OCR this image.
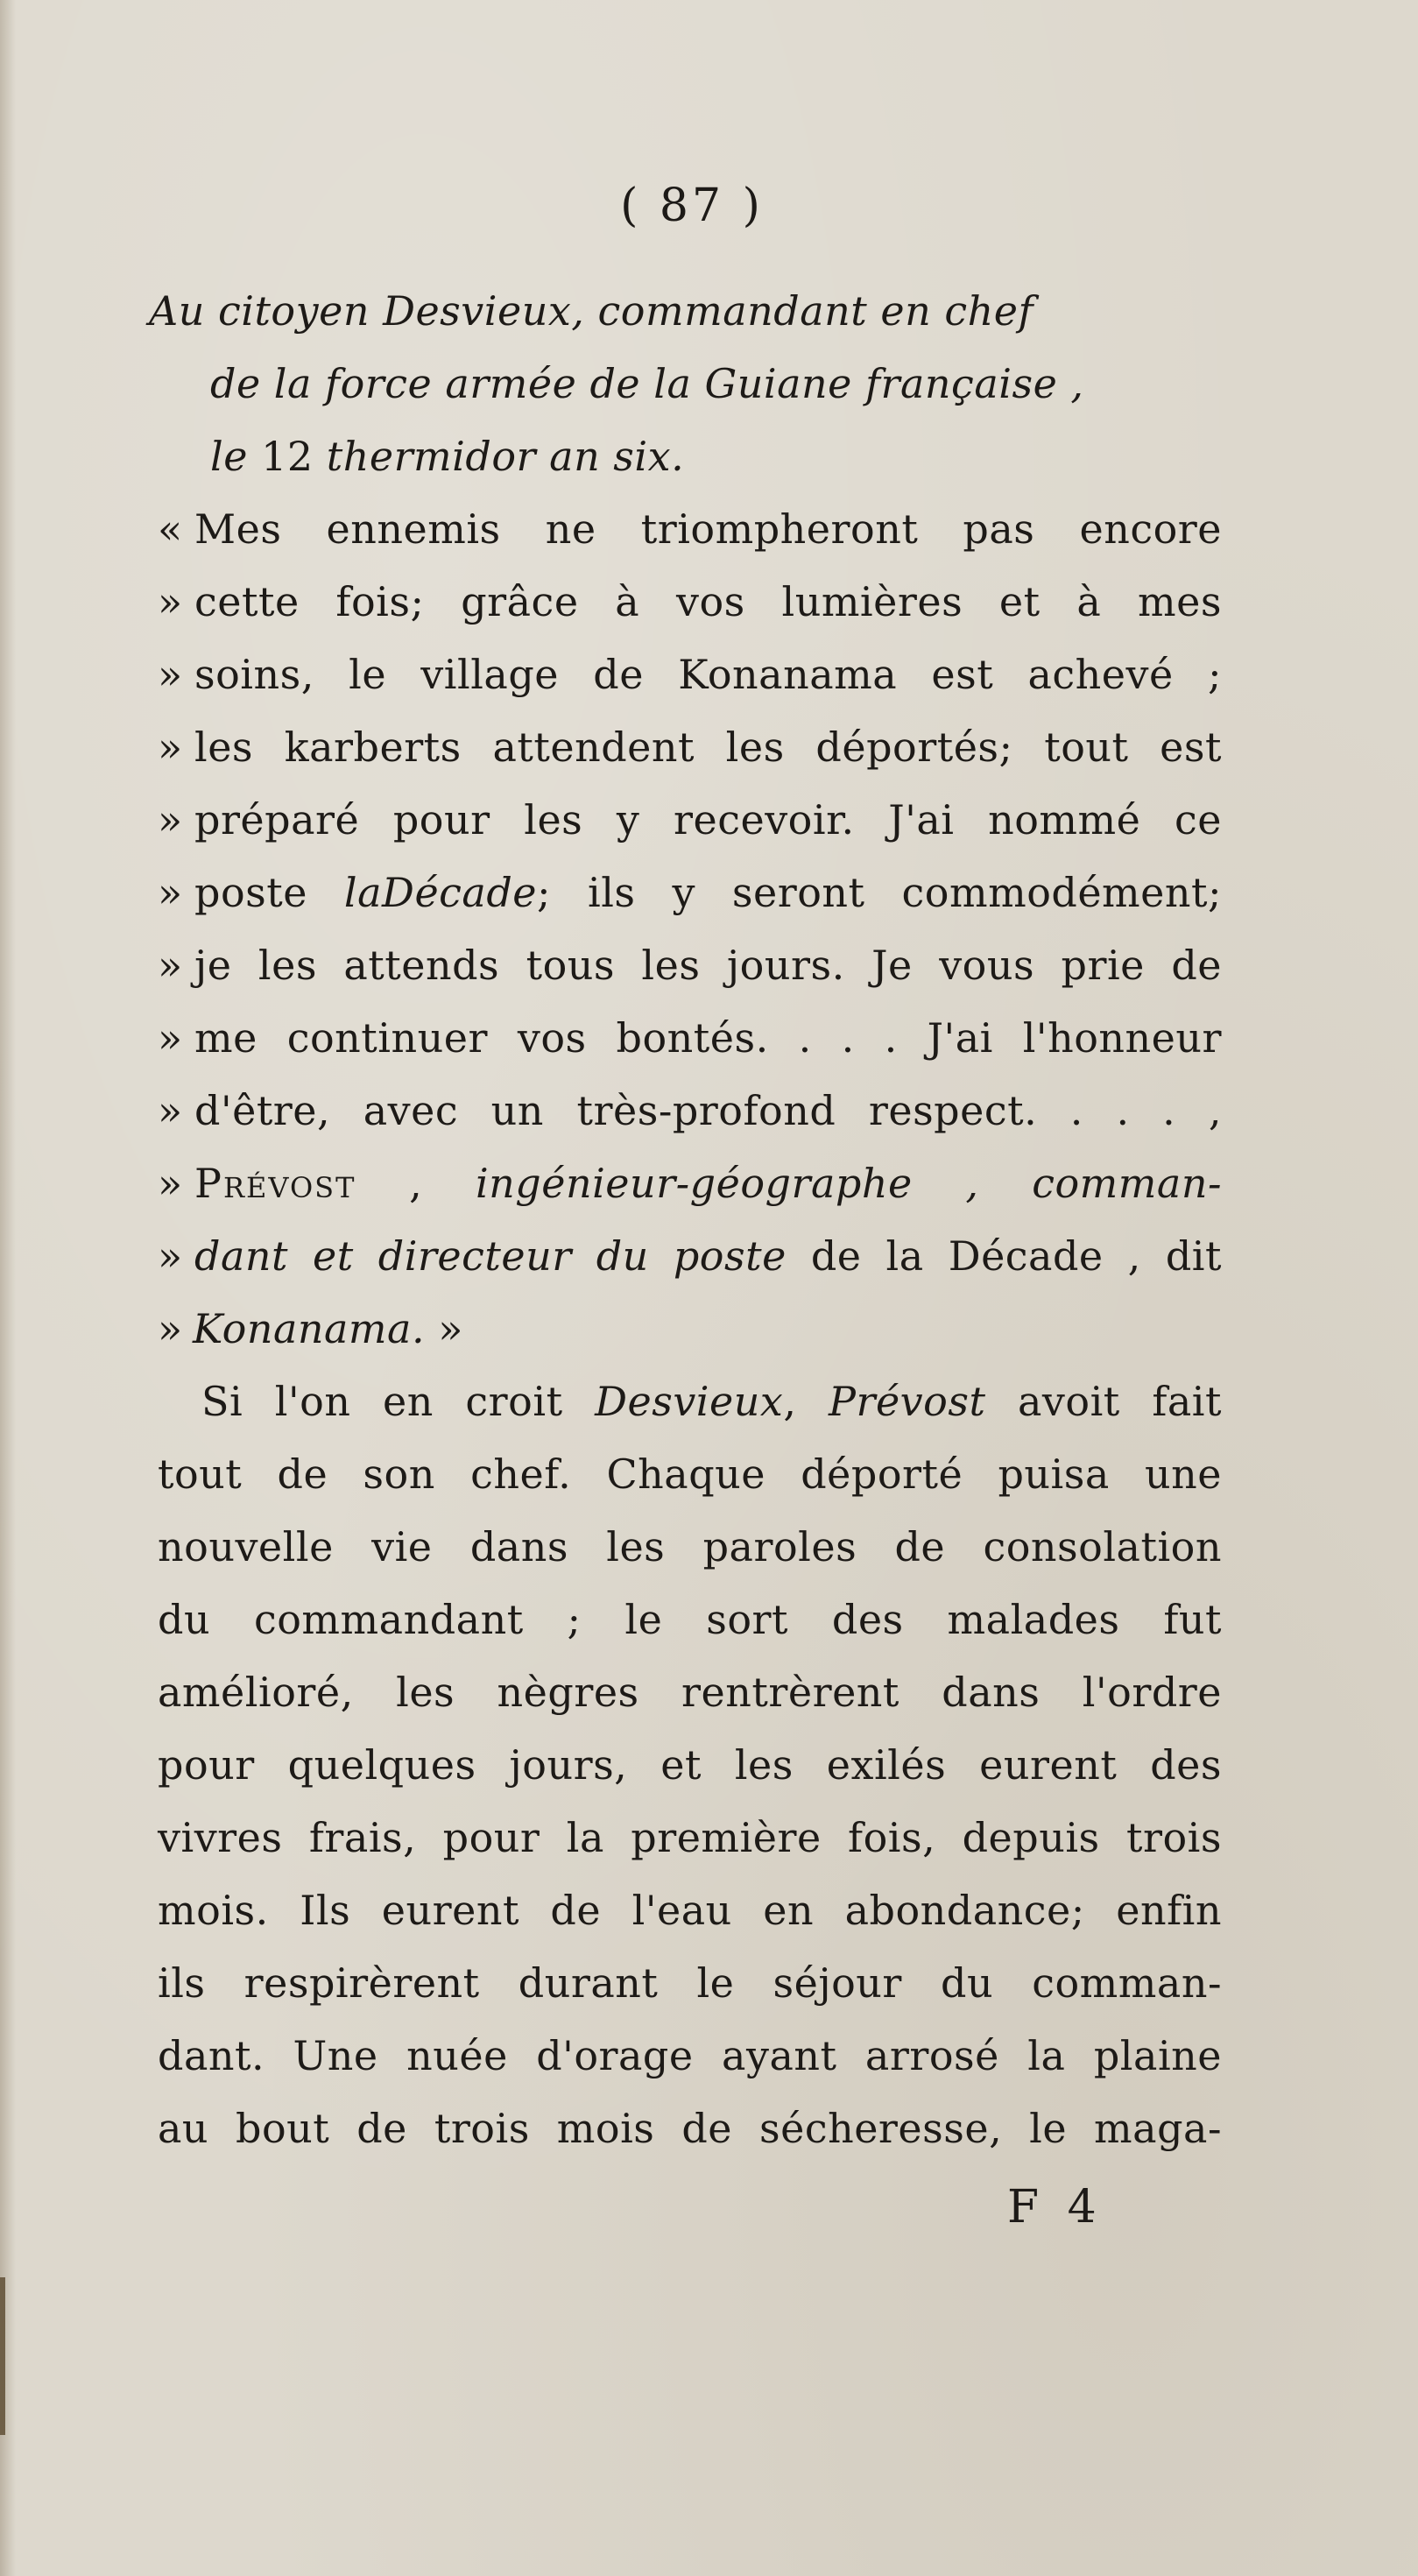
( 87 )
Au citoyen Desvieux, commandant en chef
de la force armée de la Guiane française ,
le 12 thermidor an six.
« Mes ennemis ne triompheront pas encore
» cette fois; grâce à vos lumières et à mes
» soins, le village de Konanama est achevé ;
» les karberts attendent les déportés; tout est
» préparé pour les y recevoir. J'ai nommé ce
» poste laDécade; ils y seront commodément;
» je les attends tous les jours. Je vous prie de
» me continuer vos bontés. . . . J'ai l'honneur
» d'être, avec un très-profond respect. . . . ,
» Prévost , ingénieur-géographe , comman-
» dant et directeur du poste de la Décade , dit
» Konanama. »
Si l'on en croit Desvieux, Prévost avoit fait
tout de son chef. Chaque déporté puisa une
nouvelle vie dans les paroles de consolation
du commandant ; le sort des malades fut
amélioré, les nègres rentrèrent dans l'ordre
pour quelques jours, et les exilés eurent des
vivres frais, pour la première fois, depuis trois
mois. Ils eurent de l'eau en abondance; enfin
ils respirèrent durant le séjour du comman-
dant. Une nuée d'orage ayant arrosé la plaine
au bout de trois mois de sécheresse, le maga-
F 4
